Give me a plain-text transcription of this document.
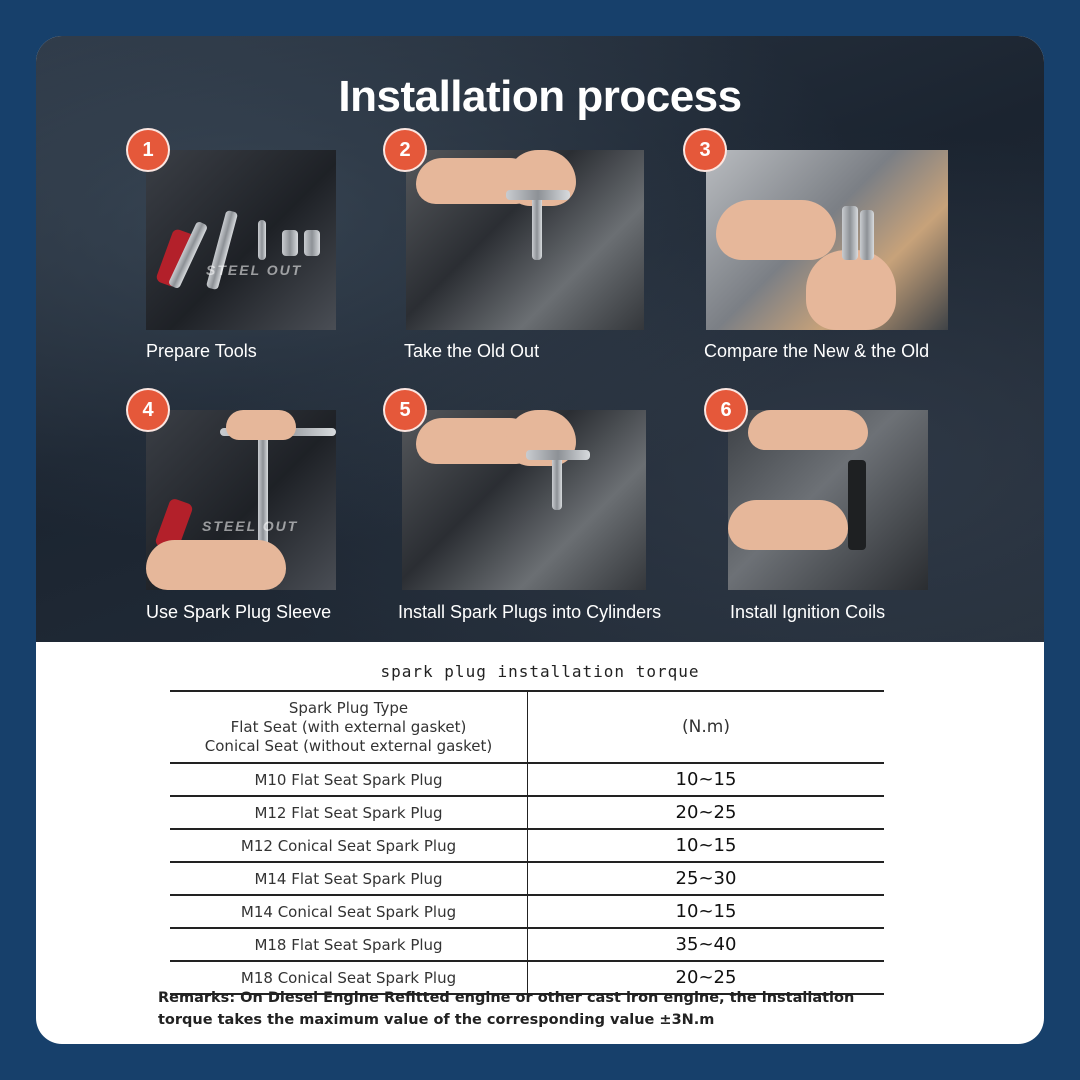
Installation process
STEEL OUT
1
Prepare Tools
2
Take the Old Out
3
Compare the New & the Old
STEEL OUT
4
Use Spark Plug Sleeve
5
Install Spark Plugs into Cylinders
6
Install Ignition Coils
spark plug installation torque
Spark Plug Type
Flat Seat (with external gasket)
Conical Seat (without external gasket)	(N.m)
M10 Flat Seat Spark Plug	10~15
M12 Flat Seat Spark Plug	20~25
M12 Conical Seat Spark Plug	10~15
M14 Flat Seat Spark Plug	25~30
M14 Conical Seat Spark Plug	10~15
M18 Flat Seat Spark Plug	35~40
M18 Conical Seat Spark Plug	20~25
Remarks: On Diesel Engine Refitted engine or other cast iron engine, the installation
torque takes the maximum value of the corresponding value ±3N.m
